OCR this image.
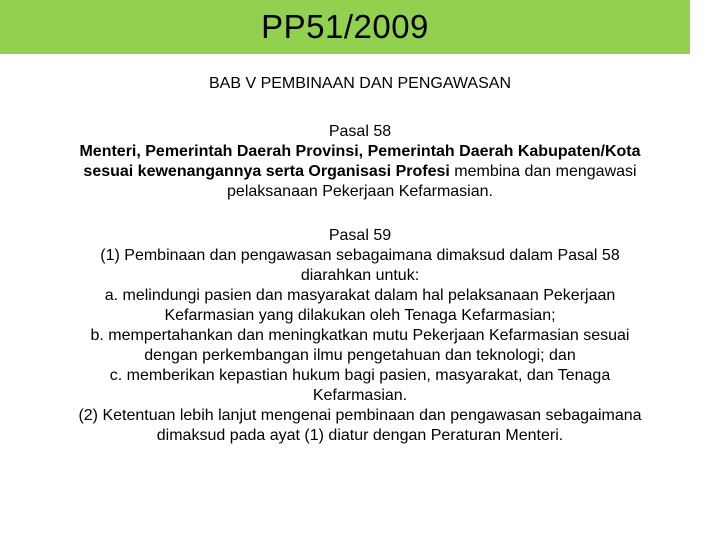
PP51/2009
BAB V PEMBINAAN DAN PENGAWASAN
Pasal 58
Menteri, Pemerintah Daerah Provinsi, Pemerintah Daerah Kabupaten/Kota
sesuai kewenangannya serta Organisasi Profesi membina dan mengawasi
pelaksanaan Pekerjaan Kefarmasian.
Pasal 59
(1) Pembinaan dan pengawasan sebagaimana dimaksud dalam Pasal 58
diarahkan untuk:
a. melindungi pasien dan masyarakat dalam hal pelaksanaan Pekerjaan
Kefarmasian yang dilakukan oleh Tenaga Kefarmasian;
b. mempertahankan dan meningkatkan mutu Pekerjaan Kefarmasian sesuai
dengan perkembangan ilmu pengetahuan dan teknologi; dan
c. memberikan kepastian hukum bagi pasien, masyarakat, dan Tenaga
Kefarmasian.
(2) Ketentuan lebih lanjut mengenai pembinaan dan pengawasan sebagaimana
dimaksud pada ayat (1) diatur dengan Peraturan Menteri.
